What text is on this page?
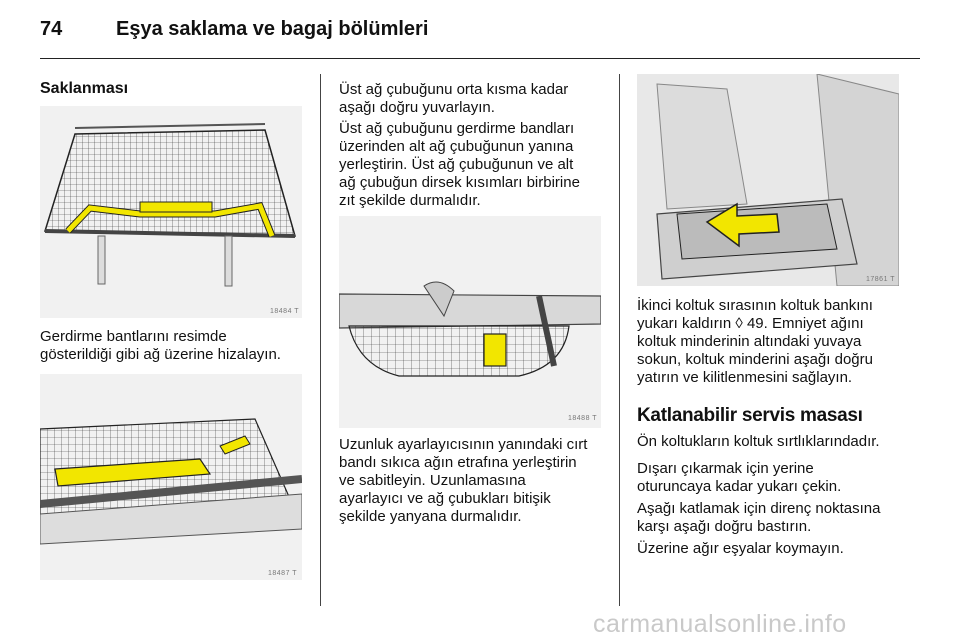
74	Eşya saklama ve bagaj bölümleri
Saklanması
18484 T
Gerdirme bantlarını resimde
gösterildiği gibi ağ üzerine hizalayın.
18487 T
Üst ağ çubuğunu orta kısma kadar
aşağı doğru yuvarlayın.
Üst ağ çubuğunu gerdirme bandları
üzerinden alt ağ çubuğunun yanına
yerleştirin. Üst ağ çubuğunun ve alt
ağ çubuğun dirsek kısımları birbirine
zıt şekilde durmalıdır.
18488 T
Uzunluk ayarlayıcısının yanındaki cırt
bandı sıkıca ağın etrafına yerleştirin
ve sabitleyin. Uzunlamasına
ayarlayıcı ve ağ çubukları bitişik
şekilde yanyana durmalıdır.
17861 T
İkinci koltuk sırasının koltuk bankını
yukarı kaldırın ◊ 49. Emniyet ağını
koltuk minderinin altındaki yuvaya
sokun, koltuk minderini aşağı doğru
yatırın ve kilitlenmesini sağlayın.
Katlanabilir servis masası
Ön koltukların koltuk sırtlıklarındadır.
Dışarı çıkarmak için yerine
oturuncaya kadar yukarı çekin.
Aşağı katlamak için direnç noktasına
karşı aşağı doğru bastırın.
Üzerine ağır eşyalar koymayın.
carmanualsonline.info
